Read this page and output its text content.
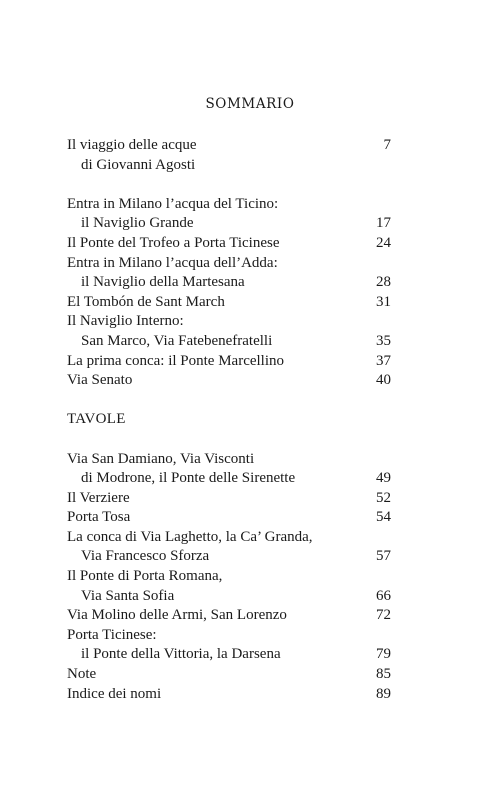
SOMMARIO
Il viaggio delle acque	7
di Giovanni Agosti
Entra in Milano l’acqua del Ticino:
il Naviglio Grande	17
Il Ponte del Trofeo a Porta Ticinese	24
Entra in Milano l’acqua dell’Adda:
il Naviglio della Martesana	28
El Tombón de Sant March	31
Il Naviglio Interno:
San Marco, Via Fatebenefratelli	35
La prima conca: il Ponte Marcellino	37
Via Senato	40
TAVOLE
Via San Damiano, Via Visconti
di Modrone, il Ponte delle Sirenette	49
Il Verziere	52
Porta Tosa	54
La conca di Via Laghetto, la Ca’ Granda,
Via Francesco Sforza	57
Il Ponte di Porta Romana,
Via Santa Sofia	66
Via Molino delle Armi, San Lorenzo	72
Porta Ticinese:
il Ponte della Vittoria, la Darsena	79
Note	85
Indice dei nomi	89
